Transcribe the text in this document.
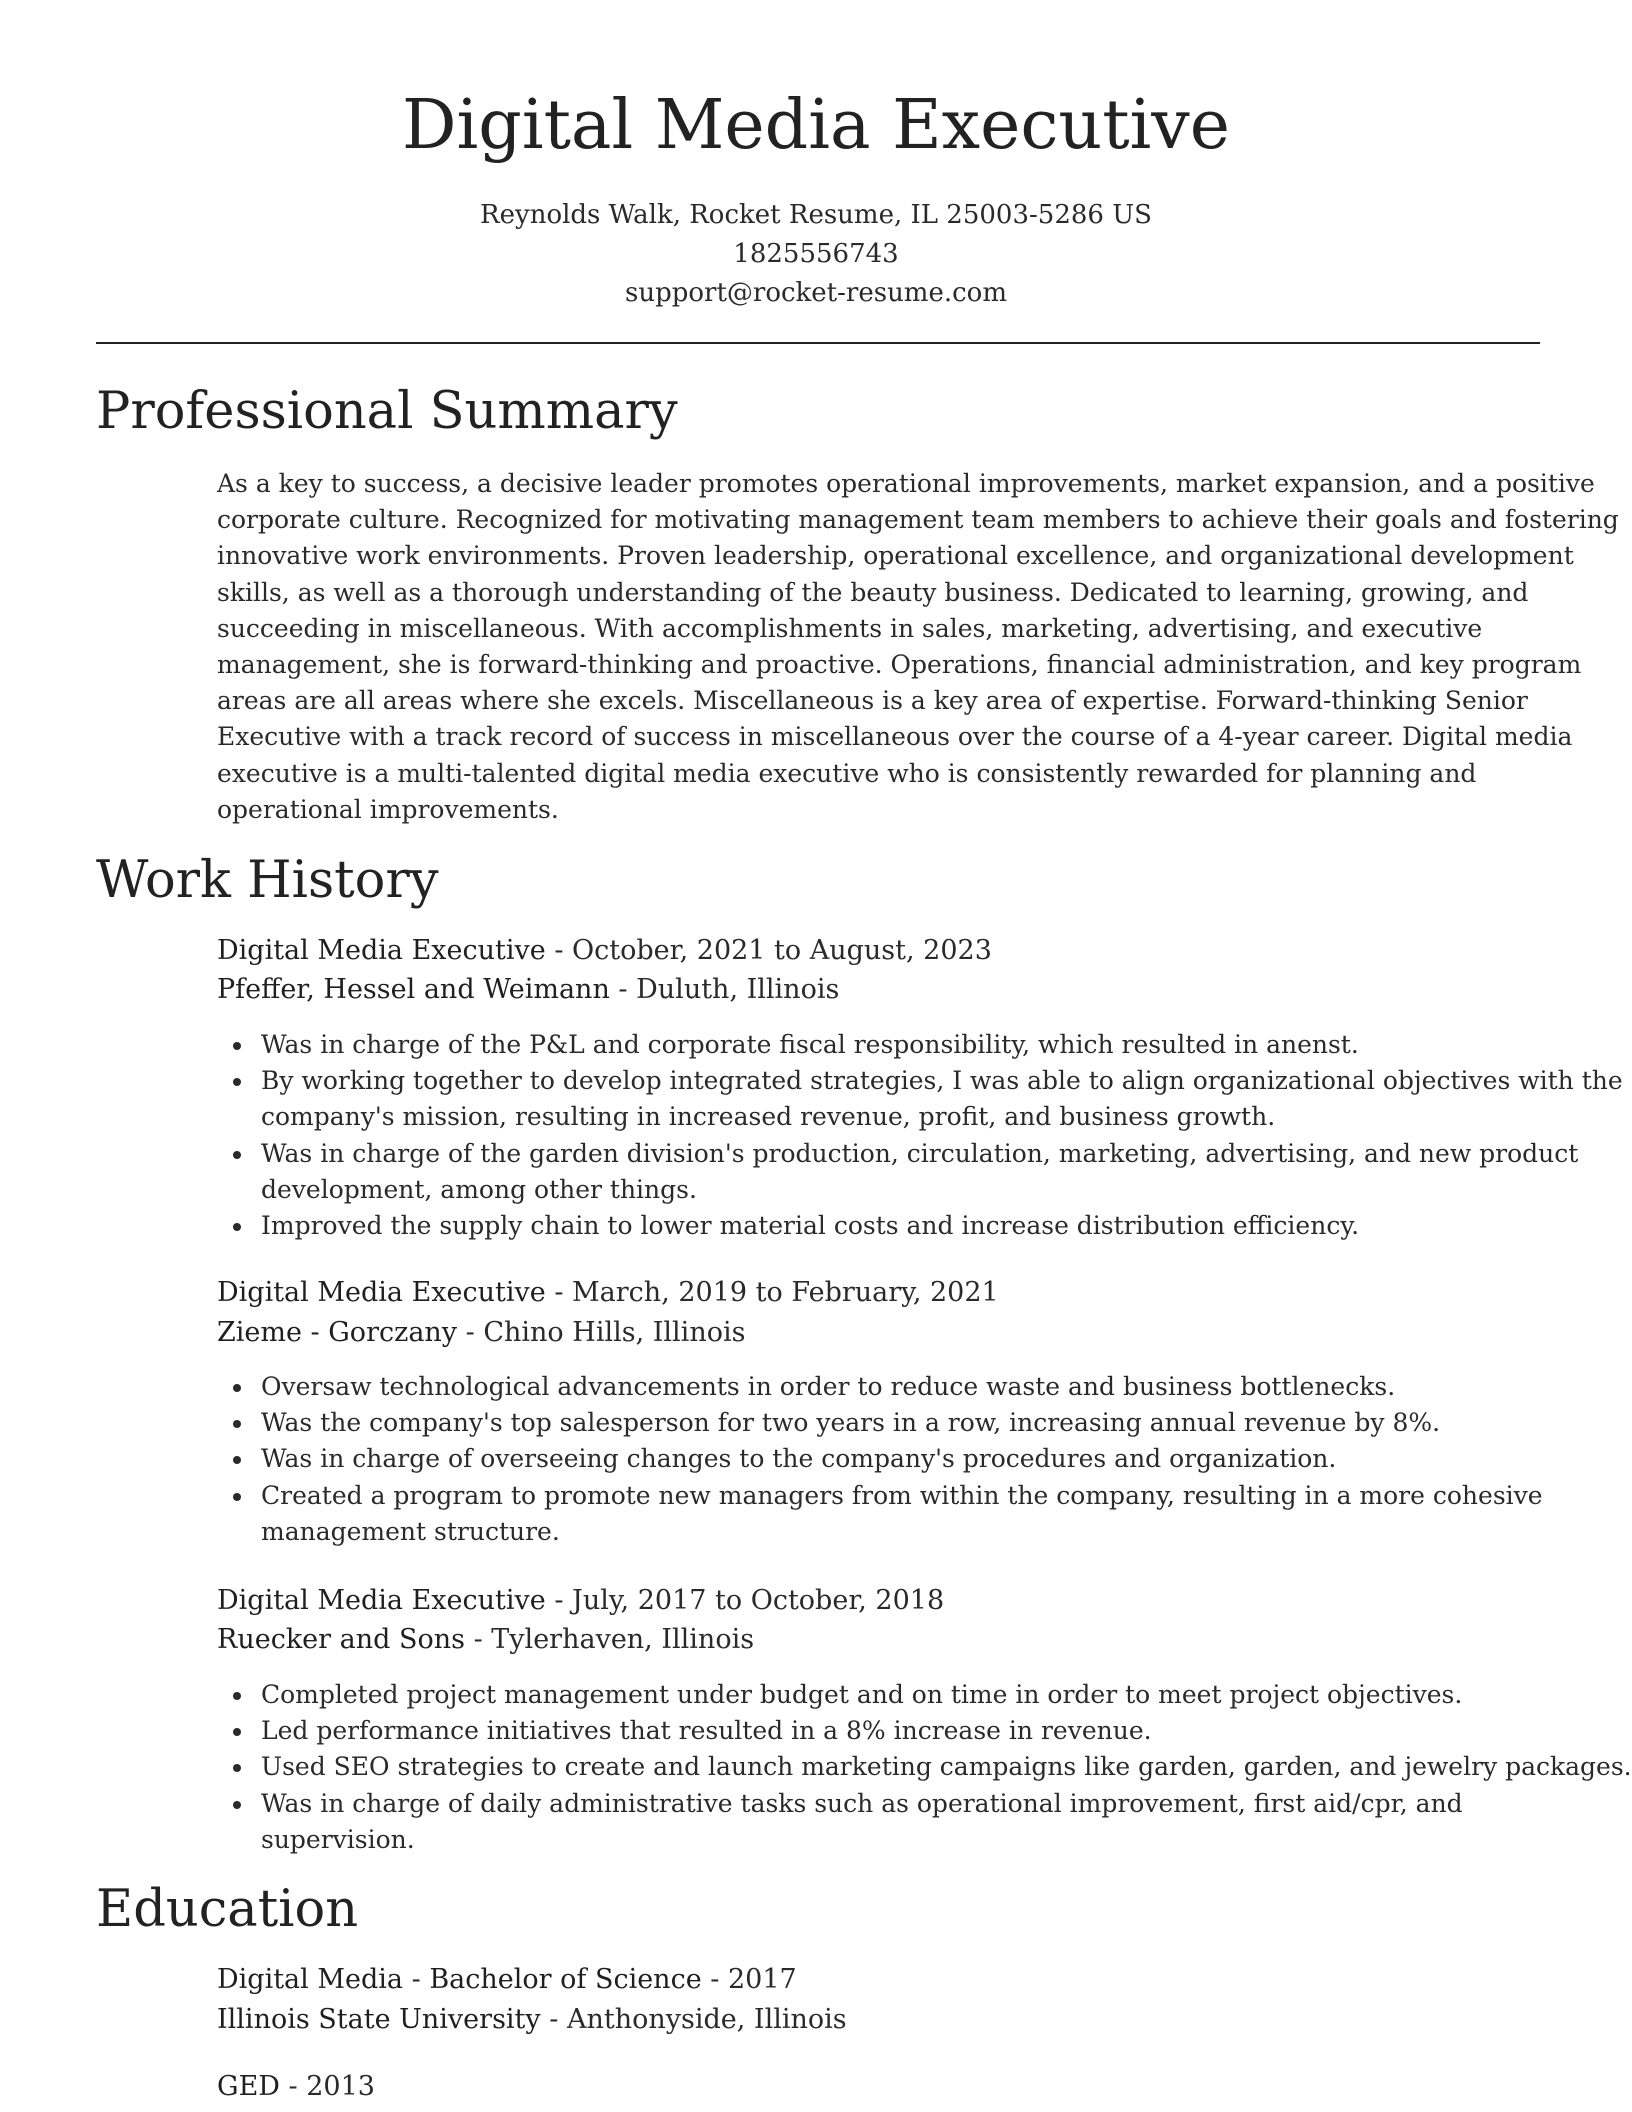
Digital Media Executive
Reynolds Walk, Rocket Resume, IL 25003-5286 US
1825556743
support@rocket-resume.com
Professional Summary
As a key to success, a decisive leader promotes operational improvements, market expansion, and a positive
corporate culture. Recognized for motivating management team members to achieve their goals and fostering
innovative work environments. Proven leadership, operational excellence, and organizational development
skills, as well as a thorough understanding of the beauty business. Dedicated to learning, growing, and
succeeding in miscellaneous. With accomplishments in sales, marketing, advertising, and executive
management, she is forward-thinking and proactive. Operations, financial administration, and key program
areas are all areas where she excels. Miscellaneous is a key area of expertise. Forward-thinking Senior
Executive with a track record of success in miscellaneous over the course of a 4-year career. Digital media
executive is a multi-talented digital media executive who is consistently rewarded for planning and
operational improvements.
Work History
Digital Media Executive - October, 2021 to August, 2023
Pfeffer, Hessel and Weimann - Duluth, Illinois
Was in charge of the P&L and corporate fiscal responsibility, which resulted in anenst.
By working together to develop integrated strategies, I was able to align organizational objectives with the
company's mission, resulting in increased revenue, profit, and business growth.
Was in charge of the garden division's production, circulation, marketing, advertising, and new product
development, among other things.
Improved the supply chain to lower material costs and increase distribution efficiency.
Digital Media Executive - March, 2019 to February, 2021
Zieme - Gorczany - Chino Hills, Illinois
Oversaw technological advancements in order to reduce waste and business bottlenecks.
Was the company's top salesperson for two years in a row, increasing annual revenue by 8%.
Was in charge of overseeing changes to the company's procedures and organization.
Created a program to promote new managers from within the company, resulting in a more cohesive
management structure.
Digital Media Executive - July, 2017 to October, 2018
Ruecker and Sons - Tylerhaven, Illinois
Completed project management under budget and on time in order to meet project objectives.
Led performance initiatives that resulted in a 8% increase in revenue.
Used SEO strategies to create and launch marketing campaigns like garden, garden, and jewelry packages.
Was in charge of daily administrative tasks such as operational improvement, first aid/cpr, and
supervision.
Education
Digital Media - Bachelor of Science - 2017
Illinois State University - Anthonyside, Illinois
GED - 2013
